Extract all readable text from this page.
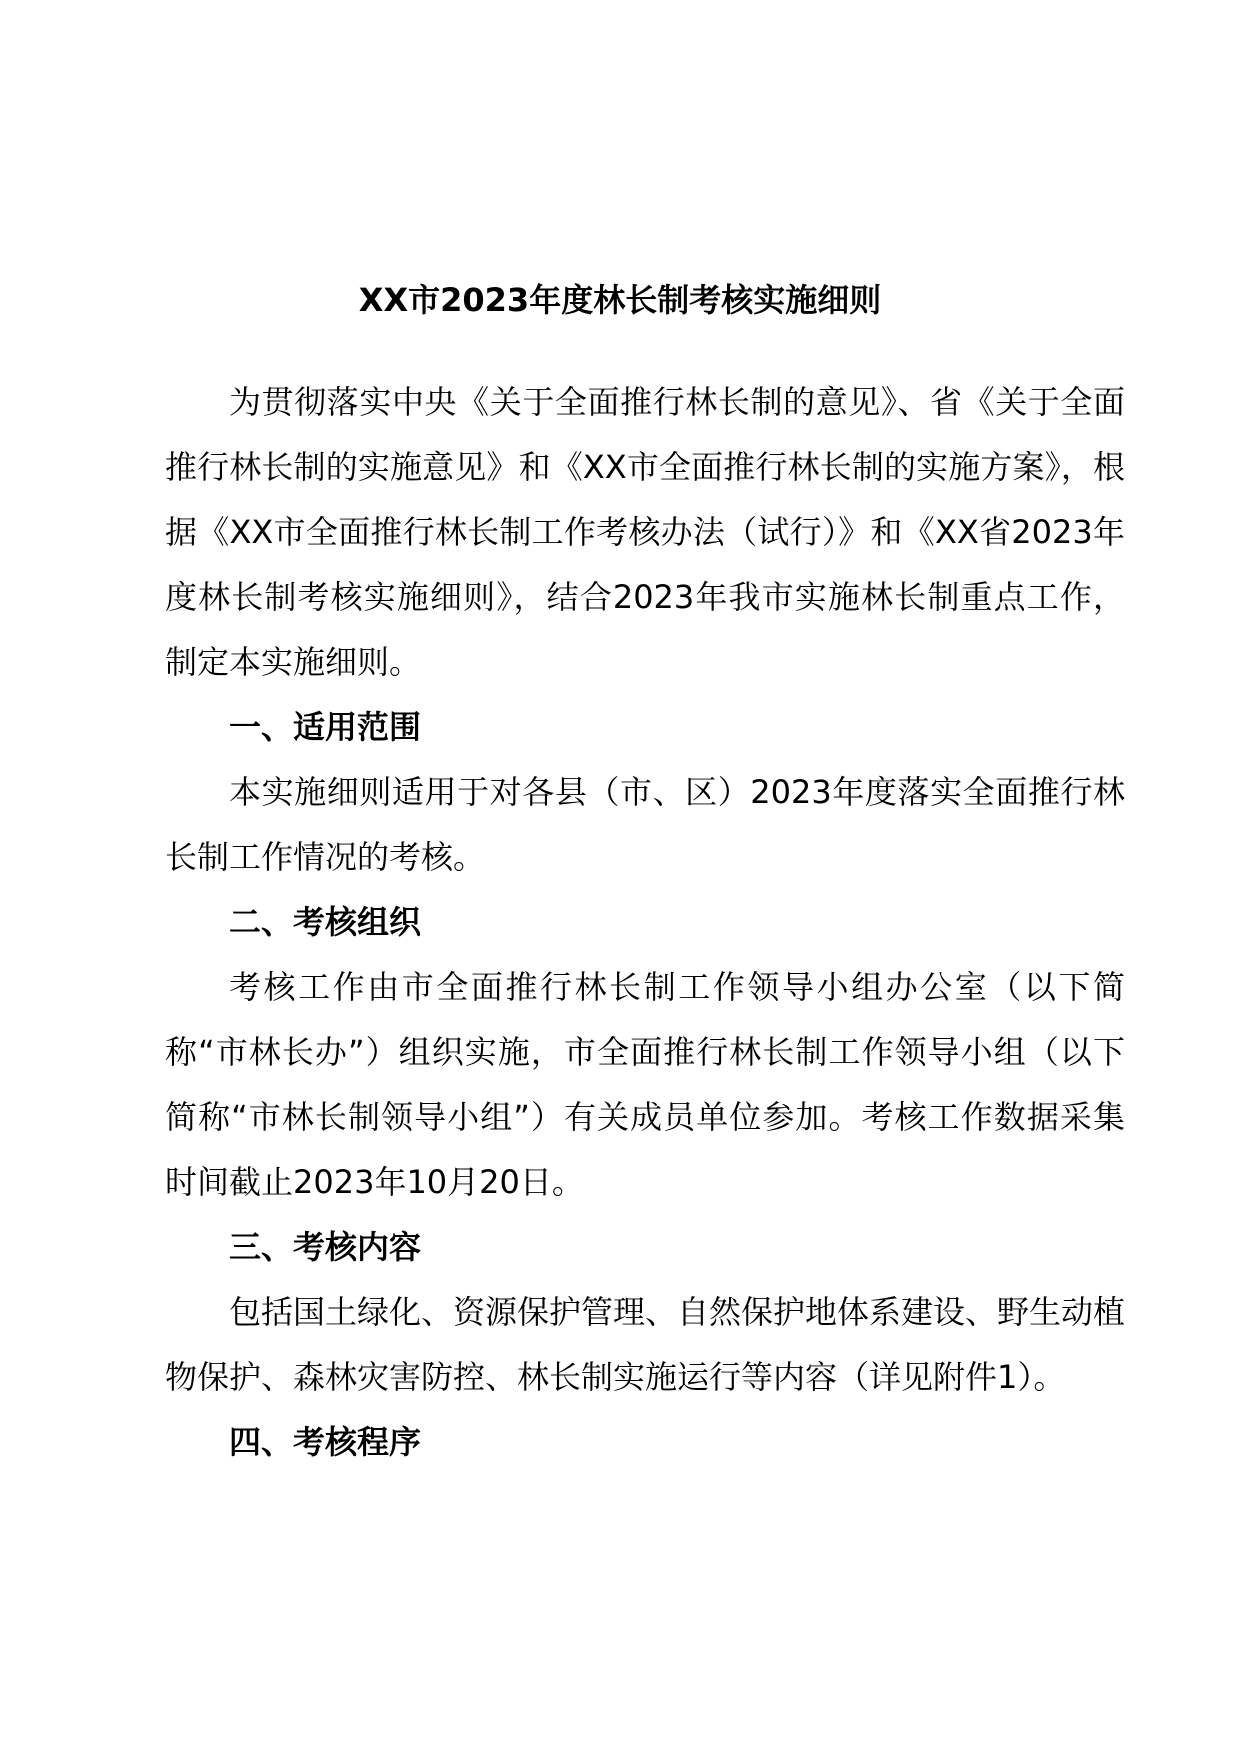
XX市2023年度林长制考核实施细则

为贯彻落实中央《关于全面推行林长制的意见》、省《关于全面推行林长制的实施意见》和《XX市全面推行林长制的实施方案》，根据《XX市全面推行林长制工作考核办法（试行）》和《XX省2023年度林长制考核实施细则》，结合2023年我市实施林长制重点工作，制定本实施细则。

一、适用范围

本实施细则适用于对各县（市、区）2023年度落实全面推行林长制工作情况的考核。

二、考核组织

考核工作由市全面推行林长制工作领导小组办公室（以下简称“市林长办”）组织实施，市全面推行林长制工作领导小组（以下简称“市林长制领导小组”）有关成员单位参加。考核工作数据采集时间截止2023年10月20日。

三、考核内容

包括国土绿化、资源保护管理、自然保护地体系建设、野生动植物保护、森林灾害防控、林长制实施运行等内容（详见附件1）。

四、考核程序
